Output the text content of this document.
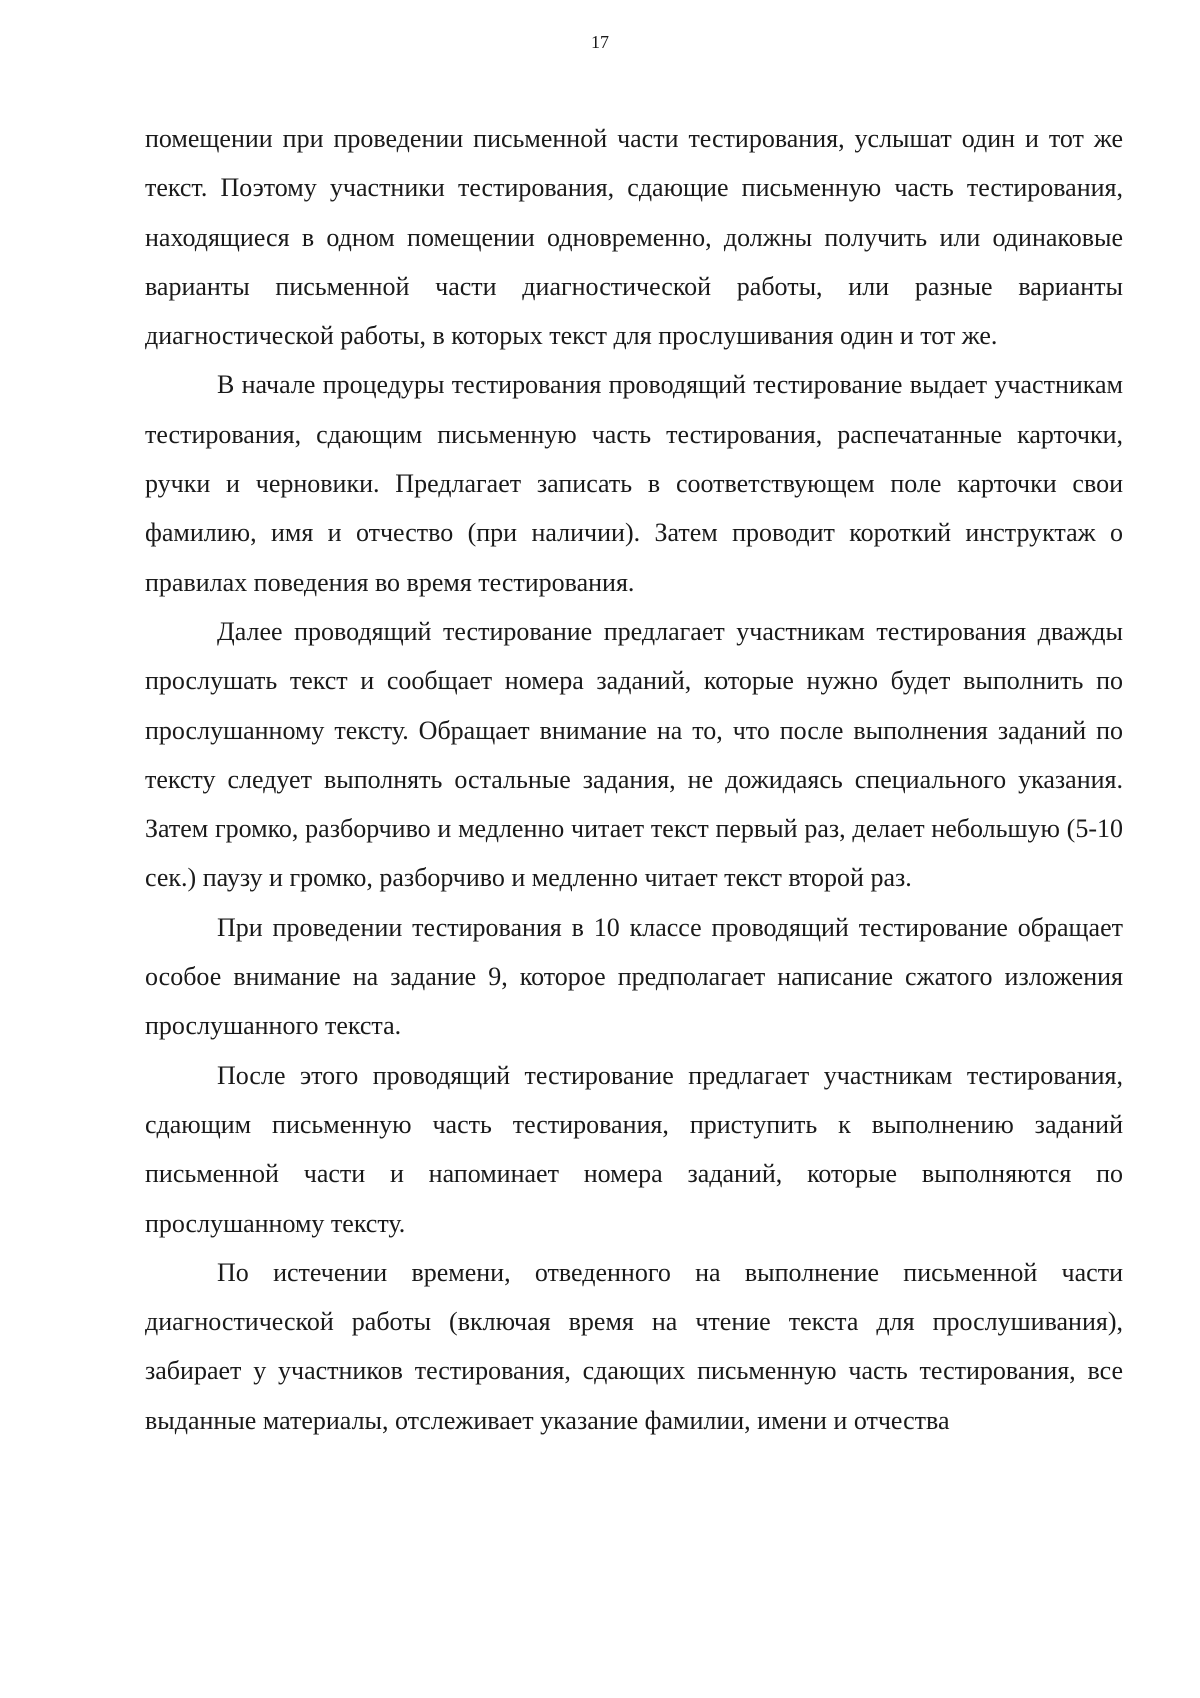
17

помещении при проведении письменной части тестирования, услышат один и тот же текст. Поэтому участники тестирования, сдающие письменную часть тестирования, находящиеся в одном помещении одновременно, должны получить или одинаковые варианты письменной части диагностической работы, или разные варианты диагностической работы, в которых текст для прослушивания один и тот же.

В начале процедуры тестирования проводящий тестирование выдает участникам тестирования, сдающим письменную часть тестирования, распечатанные карточки, ручки и черновики. Предлагает записать в соответствующем поле карточки свои фамилию, имя и отчество (при наличии). Затем проводит короткий инструктаж о правилах поведения во время тестирования.

Далее проводящий тестирование предлагает участникам тестирования дважды прослушать текст и сообщает номера заданий, которые нужно будет выполнить по прослушанному тексту. Обращает внимание на то, что после выполнения заданий по тексту следует выполнять остальные задания, не дожидаясь специального указания. Затем громко, разборчиво и медленно читает текст первый раз, делает небольшую (5-10 сек.) паузу и громко, разборчиво и медленно читает текст второй раз.

При проведении тестирования в 10 классе проводящий тестирование обращает особое внимание на задание 9, которое предполагает написание сжатого изложения прослушанного текста.

После этого проводящий тестирование предлагает участникам тестирования, сдающим письменную часть тестирования, приступить к выполнению заданий письменной части и напоминает номера заданий, которые выполняются по прослушанному тексту.

По истечении времени, отведенного на выполнение письменной части диагностической работы (включая время на чтение текста для прослушивания), забирает у участников тестирования, сдающих письменную часть тестирования, все выданные материалы, отслеживает указание фамилии, имени и отчества
